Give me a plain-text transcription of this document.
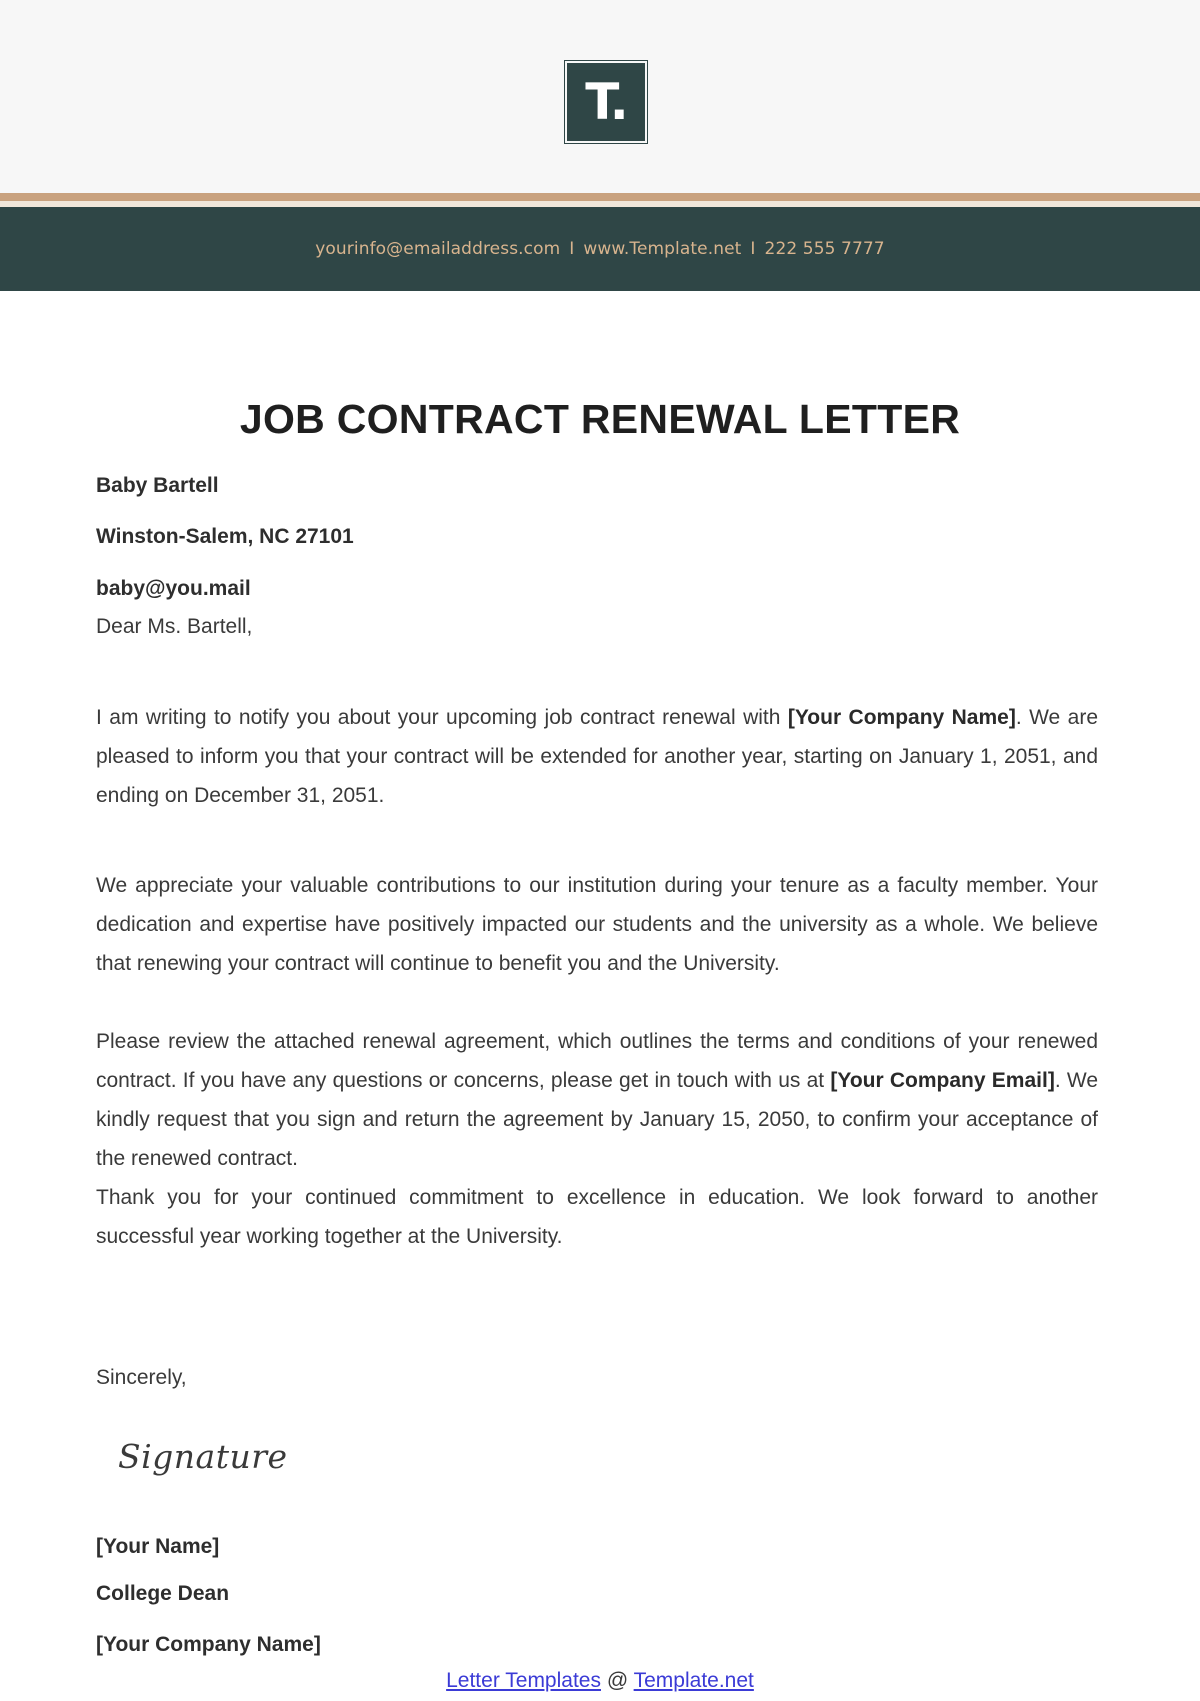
T.
yourinfo@emailaddress.com I www.Template.net I 222 555 7777
JOB CONTRACT RENEWAL LETTER
Baby Bartell
Winston-Salem, NC 27101
baby@you.mail
Dear Ms. Bartell,

I am writing to notify you about your upcoming job contract renewal with [Your Company Name]. We are pleased to inform you that your contract will be extended for another year, starting on January 1, 2051, and ending on December 31, 2051.

We appreciate your valuable contributions to our institution during your tenure as a faculty member. Your dedication and expertise have positively impacted our students and the university as a whole. We believe that renewing your contract will continue to benefit you and the University.

Please review the attached renewal agreement, which outlines the terms and conditions of your renewed contract. If you have any questions or concerns, please get in touch with us at [Your Company Email]. We kindly request that you sign and return the agreement by January 15, 2050, to confirm your acceptance of the renewed contract.

Thank you for your continued commitment to excellence in education. We look forward to another successful year working together at the University.

Sincerely,
Signature
[Your Name]
College Dean
[Your Company Name]
Letter Templates @ Template.net
